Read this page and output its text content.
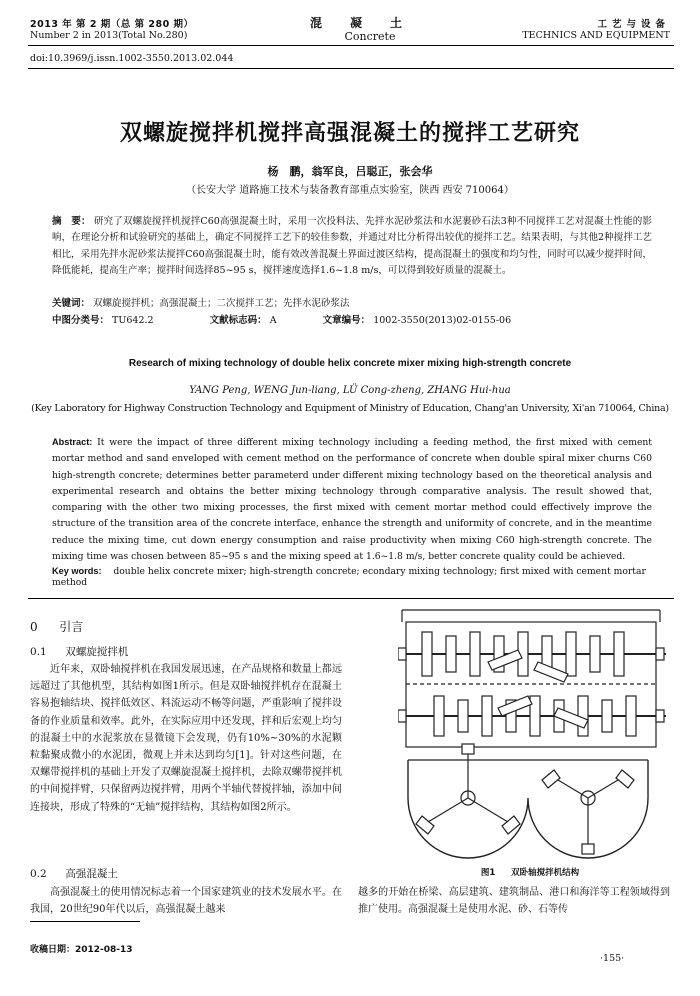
2013 年 第 2 期（总 第 280 期）
Number 2 in 2013(Total No.280)
混凝土
Concrete
工艺与设备
TECHNICS AND EQUIPMENT
doi:10.3969/j.issn.1002-3550.2013.02.044
双螺旋搅拌机搅拌高强混凝土的搅拌工艺研究
杨　鹏，翁军良，吕聪正，张会华
（长安大学 道路施工技术与装备教育部重点实验室，陕西 西安 710064）
摘　要： 研究了双螺旋搅拌机搅拌C60高强混凝土时，采用一次投料法、先拌水泥砂浆法和水泥裹砂石法3种不同搅拌工艺对混凝土性能的影响，在理论分析和试验研究的基础上，确定不同搅拌工艺下的较佳参数，并通过对比分析得出较优的搅拌工艺。结果表明，与其他2种搅拌工艺相比，采用先拌水泥砂浆法搅拌C60高强混凝土时，能有效改善混凝土界面过渡区结构，提高混凝土的强度和均匀性，同时可以减少搅拌时间，降低能耗，提高生产率；搅拌时间选择85~95 s，搅拌速度选择1.6~1.8 m/s，可以得到较好质量的混凝土。
关键词： 双螺旋搅拌机；高强混凝土；二次搅拌工艺；先拌水泥砂浆法
中图分类号： TU642.2	文献标志码： A	文章编号： 1002-3550(2013)02-0155-06
Research of mixing technology of double helix concrete mixer mixing high-strength concrete
YANG Peng, WENG Jun-liang, LÜ Cong-zheng, ZHANG Hui-hua
(Key Laboratory for Highway Construction Technology and Equipment of Ministry of Education, Chang'an University, Xi'an 710064, China)
Abstract: It were the impact of three different mixing technology including a feeding method, the first mixed with cement mortar method and sand enveloped with cement method on the performance of concrete when double spiral mixer churns C60 high-strength concrete; determines better parameterd under different mixing technology based on the theoretical analysis and experimental research and obtains the better mixing technology through comparative analysis. The result showed that, comparing with the other two mixing processes, the first mixed with cement mortar method could effectively improve the structure of the transition area of the concrete interface, enhance the strength and uniformity of concrete, and in the meantime reduce the mixing time, cut down energy consumption and raise productivity when mixing C60 high-strength concrete. The mixing time was chosen between 85~95 s and the mixing speed at 1.6~1.8 m/s, better concrete quality could be achieved.
Key words: double helix concrete mixer; high-strength concrete; econdary mixing technology; first mixed with cement mortar method
0 引言
0.1 双螺旋搅拌机
近年来，双卧轴搅拌机在我国发展迅速，在产品规格和数量上都远远超过了其他机型，其结构如图1所示。但是双卧轴搅拌机存在混凝土容易抱轴结块、搅拌低效区、料流运动不畅等问题，严重影响了搅拌设备的作业质量和效率。此外，在实际应用中还发现，拌和后宏观上均匀的混凝土中的水泥浆放在显微镜下会发现，仍有10%~30%的水泥颗粒黏聚成微小的水泥团，微观上并未达到均匀[1]。针对这些问题，在双螺带搅拌机的基础上开发了双螺旋混凝土搅拌机，去除双螺带搅拌机的中间搅拌臂，只保留两边搅拌臂，用两个半轴代替搅拌轴，添加中间连接块，形成了特殊的“无轴”搅拌结构，其结构如图2所示。
0.2 高强混凝土
高强混凝土的使用情况标志着一个国家建筑业的技术发展水平。在我国，20世纪90年代以后，高强混凝土越来
收稿日期：2012-08-13
图1 双卧轴搅拌机结构
越多的开始在桥梁、高层建筑、建筑制品、港口和海洋等工程领域得到推广使用。高强混凝土是使用水泥、砂、石等传
·155·
